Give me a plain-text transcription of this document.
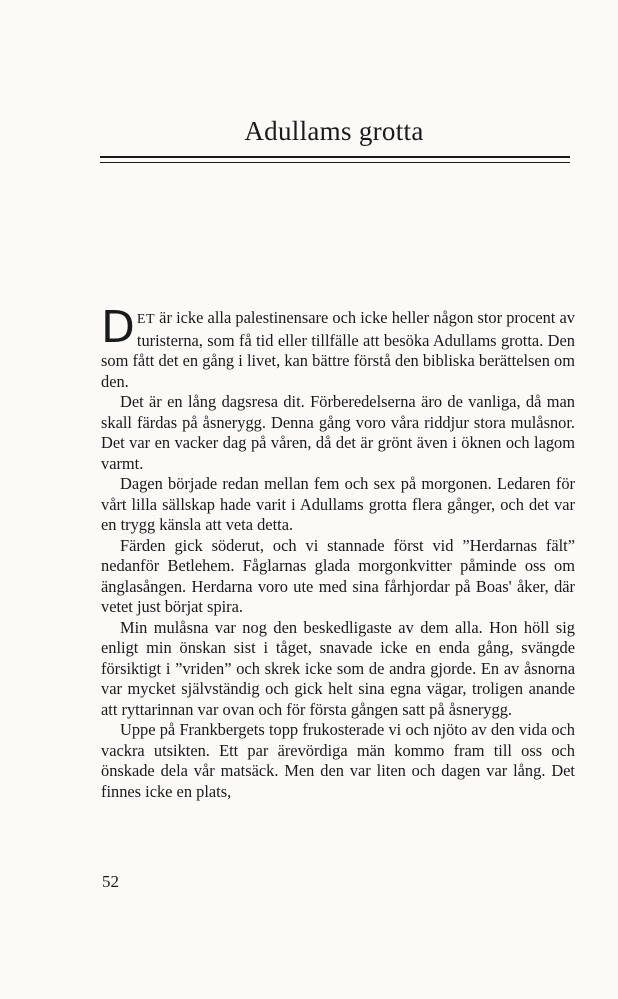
Adullams grotta

DET är icke alla palestinensare och icke heller någon stor procent av turisterna, som få tid eller tillfälle att besöka Adullams grotta. Den som fått det en gång i livet, kan bättre förstå den bibliska berättelsen om den.

Det är en lång dagsresa dit. Förberedelserna äro de vanliga, då man skall färdas på åsnerygg. Denna gång voro våra riddjur stora mulåsnor. Det var en vacker dag på våren, då det är grönt även i öknen och lagom varmt.

Dagen började redan mellan fem och sex på morgonen. Ledaren för vårt lilla sällskap hade varit i Adullams grotta flera gånger, och det var en trygg känsla att veta detta.

Färden gick söderut, och vi stannade först vid ”Herdarnas fält” nedanför Betlehem. Fåglarnas glada morgonkvitter påminde oss om änglasången. Herdarna voro ute med sina fårhjordar på Boas' åker, där vetet just börjat spira.

Min mulåsna var nog den beskedligaste av dem alla. Hon höll sig enligt min önskan sist i tåget, snavade icke en enda gång, svängde försiktigt i ”vriden” och skrek icke som de andra gjorde. En av åsnorna var mycket självständig och gick helt sina egna vägar, troligen anande att ryttarinnan var ovan och för första gången satt på åsnerygg.

Uppe på Frankbergets topp frukosterade vi och njöto av den vida och vackra utsikten. Ett par ärevördiga män kommo fram till oss och önskade dela vår matsäck. Men den var liten och dagen var lång. Det finnes icke en plats,

52
